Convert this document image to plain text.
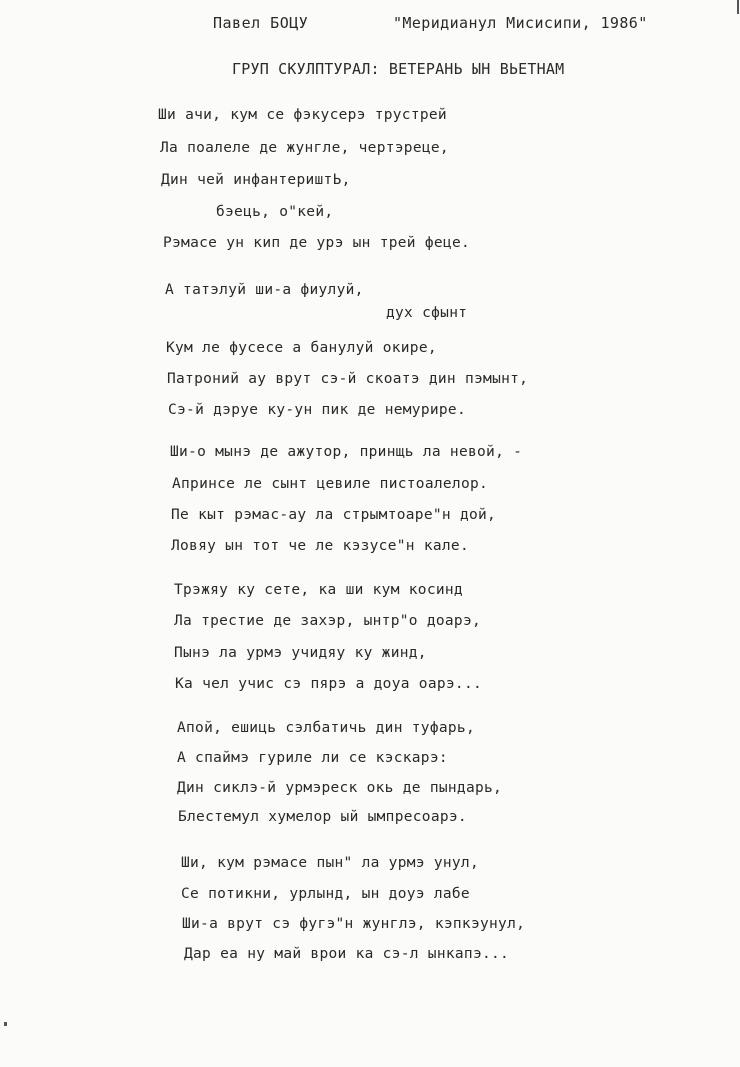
Павел БОЦУ	"Меридианул Мисисипи, 1986"
ГРУП СКУЛПТУРАЛ: ВЕТЕРАНЬ ЫН ВЬЕТНАМ
Ши ачи, кум се фэкусерэ трустрей
Ла поалеле де жунгле, чертэреце,
Дин чей инфантериштЬ,
бэець, о"кей,
Рэмасе ун кип де урэ ын трей феце.
А татэлуй ши-а фиулуй,
дух сфынт
Кум ле фусесе а банулуй окире,
Патроний ау врут сэ-й скоатэ дин пэмынт,
Сэ-й дэруе ку-ун пик де немурире.
Ши-о мынэ де ажутор, принщь ла невой, -
Апринсе ле сынт цевиле пистоалелор.
Пе кыт рэмас-ау ла стрымтоаре"н дой,
Ловяу ын тот че ле кэзусе"н кале.
Трэжяу ку сете, ка ши кум косинд
Ла трестие де захэр, ынтр"о доарэ,
Пынэ ла урмэ учидяу ку жинд,
Ка чел учис сэ пярэ а доуа оарэ...
Апой, ешиць сэлбатичь дин туфарь,
А спаймэ гуриле ли се кэскарэ:
Дин сиклэ-й урмэреск окь де пындарь,
Блестемул хумелор ый ымпресоарэ.
Ши, кум рэмасе пын" ла урмэ унул,
Се потикни, урлынд, ын доуэ лабе
Ши-а врут сэ фугэ"н жунглэ, кэпкэунул,
Дар еа ну май врои ка сэ-л ынкапэ...
